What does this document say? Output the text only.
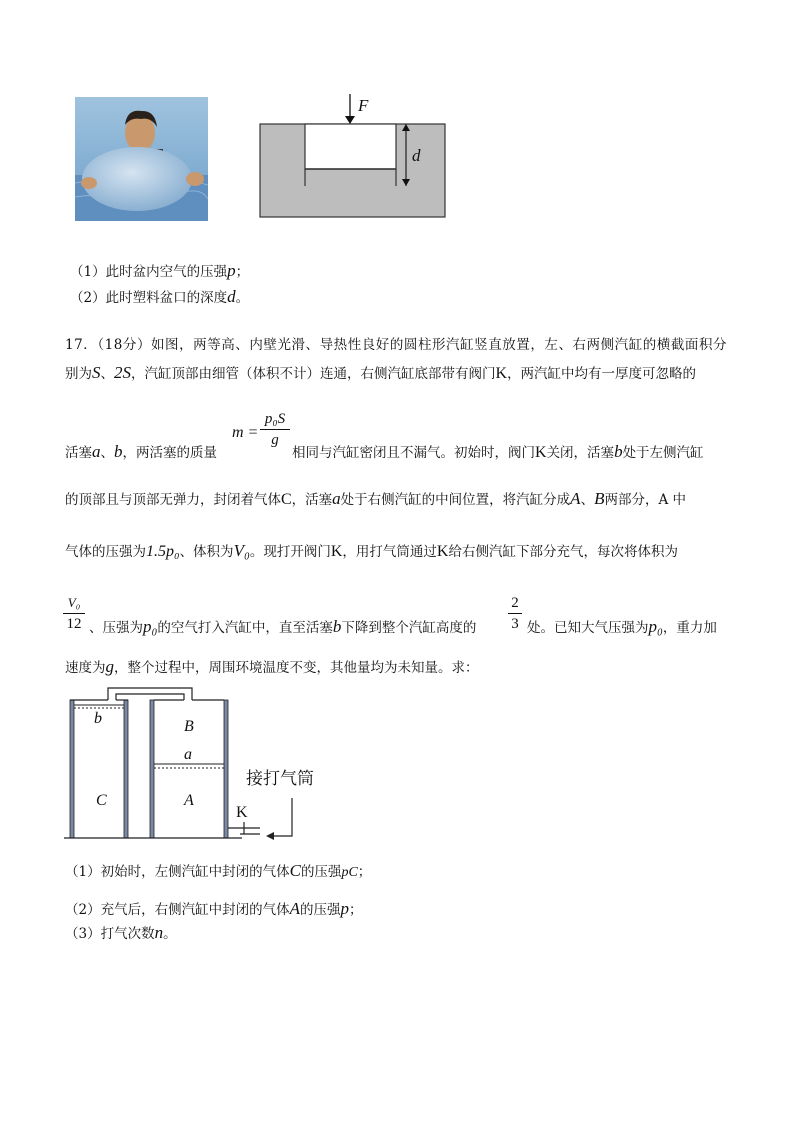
F
d
（1）此时盆内空气的压强p；
（2）此时塑料盆口的深度d。
17．（18分）如图，两等高、内壁光滑、导热性良好的圆柱形汽缸竖直放置，左、右两侧汽缸的横截面积分
别为S、2S，汽缸顶部由细管（体积不计）连通，右侧汽缸底部带有阀门K，两汽缸中均有一厚度可忽略的
m =
p₀S
g
活塞a、b，两活塞的质量	相同与汽缸密闭且不漏气。初始时，阀门K关闭，活塞b处于左侧汽缸
的顶部且与顶部无弹力，封闭着气体C，活塞a处于右侧汽缸的中间位置，将汽缸分成A、B两部分，A 中
气体的压强为1.5p₀、体积为V₀。现打开阀门K，用打气筒通过K给右侧汽缸下部分充气，每次将体积为
V₀
12 、压强为p₀的空气打入汽缸中，直至活塞b下降到整个汽缸高度的
2
3 处。已知大气压强为p₀，重力加
速度为g，整个过程中，周围环境温度不变，其他量均为未知量。求：
b
C
B
a
A
K
接打气筒
（1）初始时，左侧汽缸中封闭的气体C的压强pC；
（2）充气后，右侧汽缸中封闭的气体A的压强p；
（3）打气次数n。
